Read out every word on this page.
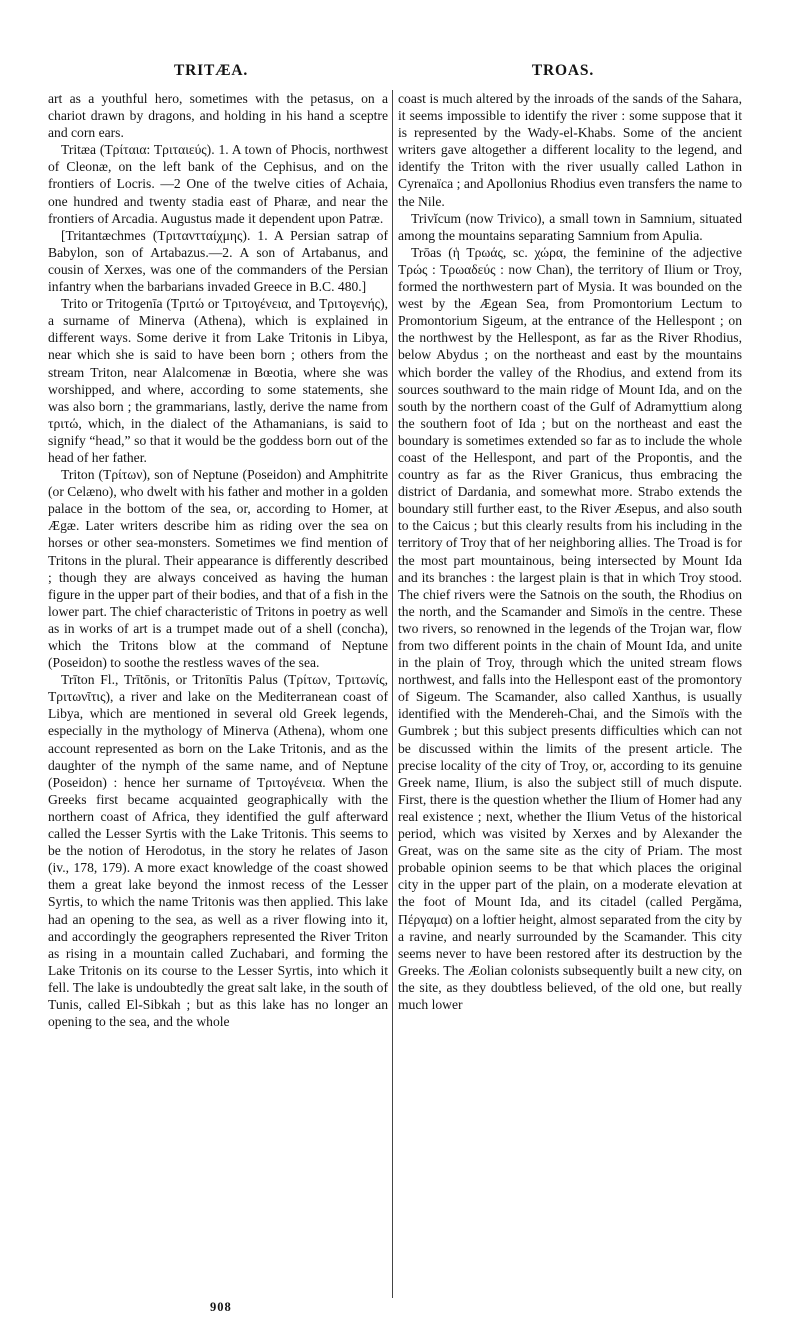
TRITÆA.	TROAS.

art as a youthful hero, sometimes with the petasus, on a chariot drawn by dragons, and holding in his hand a sceptre and corn ears.

Tritæa (Τρίταια: Τριταιεύς). 1. A town of Phocis, northwest of Cleonæ, on the left bank of the Cephisus, and on the frontiers of Locris. —2 One of the twelve cities of Achaia, one hundred and twenty stadia east of Pharæ, and near the frontiers of Arcadia. Augustus made it dependent upon Patræ.

[Tritantæchmes (Τριταντταίχμης). 1. A Persian satrap of Babylon, son of Artabazus.—2. A son of Artabanus, and cousin of Xerxes, was one of the commanders of the Persian infantry when the barbarians invaded Greece in B.C. 480.]

Trito or Tritogenīa (Τριτώ or Τριτογένεια, and Τριτογενής), a surname of Minerva (Athena), which is explained in different ways. Some derive it from Lake Tritonis in Libya, near which she is said to have been born ; others from the stream Triton, near Alalcomenæ in Bœotia, where she was worshipped, and where, according to some statements, she was also born ; the grammarians, lastly, derive the name from τριτώ, which, in the dialect of the Athamanians, is said to signify “head,” so that it would be the goddess born out of the head of her father.

Triton (Τρίτων), son of Neptune (Poseidon) and Amphitrite (or Celæno), who dwelt with his father and mother in a golden palace in the bottom of the sea, or, according to Homer, at Ægæ. Later writers describe him as riding over the sea on horses or other sea-monsters. Sometimes we find mention of Tritons in the plural. Their appearance is differently described ; though they are always conceived as having the human figure in the upper part of their bodies, and that of a fish in the lower part. The chief characteristic of Tritons in poetry as well as in works of art is a trumpet made out of a shell (concha), which the Tritons blow at the command of Neptune (Poseidon) to soothe the restless waves of the sea.

Trīton Fl., Trītōnis, or Tritonītis Palus (Τρίτων, Τριτωνίς, Τριτωνῖτις), a river and lake on the Mediterranean coast of Libya, which are mentioned in several old Greek legends, especially in the mythology of Minerva (Athena), whom one account represented as born on the Lake Tritonis, and as the daughter of the nymph of the same name, and of Neptune (Poseidon) : hence her surname of Τριτογένεια. When the Greeks first became acquainted geographically with the northern coast of Africa, they identified the gulf afterward called the Lesser Syrtis with the Lake Tritonis. This seems to be the notion of Herodotus, in the story he relates of Jason (iv., 178, 179). A more exact knowledge of the coast showed them a great lake beyond the inmost recess of the Lesser Syrtis, to which the name Tritonis was then applied. This lake had an opening to the sea, as well as a river flowing into it, and accordingly the geographers represented the River Triton as rising in a mountain called Zuchabari, and forming the Lake Tritonis on its course to the Lesser Syrtis, into which it fell. The lake is undoubtedly the great salt lake, in the south of Tunis, called El-Sibkah ; but as this lake has no longer an opening to the sea, and the whole

coast is much altered by the inroads of the sands of the Sahara, it seems impossible to identify the river : some suppose that it is represented by the Wady-el-Khabs. Some of the ancient writers gave altogether a different locality to the legend, and identify the Triton with the river usually called Lathon in Cyrenaïca ; and Apollonius Rhodius even transfers the name to the Nile.

Trivĭcum (now Trivico), a small town in Samnium, situated among the mountains separating Samnium from Apulia.

Trōas (ἡ Τρωάς, sc. χώρα, the feminine of the adjective Τρώς : Τρωαδεύς : now Chan), the territory of Ilium or Troy, formed the northwestern part of Mysia. It was bounded on the west by the Ægean Sea, from Promontorium Lectum to Promontorium Sigeum, at the entrance of the Hellespont ; on the northwest by the Hellespont, as far as the River Rhodius, below Abydus ; on the northeast and east by the mountains which border the valley of the Rhodius, and extend from its sources southward to the main ridge of Mount Ida, and on the south by the northern coast of the Gulf of Adramyttium along the southern foot of Ida ; but on the northeast and east the boundary is sometimes extended so far as to include the whole coast of the Hellespont, and part of the Propontis, and the country as far as the River Granicus, thus embracing the district of Dardania, and somewhat more. Strabo extends the boundary still further east, to the River Æsepus, and also south to the Caicus ; but this clearly results from his including in the territory of Troy that of her neighboring allies. The Troad is for the most part mountainous, being intersected by Mount Ida and its branches : the largest plain is that in which Troy stood. The chief rivers were the Satnois on the south, the Rhodius on the north, and the Scamander and Simoïs in the centre. These two rivers, so renowned in the legends of the Trojan war, flow from two different points in the chain of Mount Ida, and unite in the plain of Troy, through which the united stream flows northwest, and falls into the Hellespont east of the promontory of Sigeum. The Scamander, also called Xanthus, is usually identified with the Mendereh-Chai, and the Simoïs with the Gumbrek ; but this subject presents difficulties which can not be discussed within the limits of the present article. The precise locality of the city of Troy, or, according to its genuine Greek name, Ilium, is also the subject still of much dispute. First, there is the question whether the Ilium of Homer had any real existence ; next, whether the Ilium Vetus of the historical period, which was visited by Xerxes and by Alexander the Great, was on the same site as the city of Priam. The most probable opinion seems to be that which places the original city in the upper part of the plain, on a moderate elevation at the foot of Mount Ida, and its citadel (called Pergăma, Πέργαμα) on a loftier height, almost separated from the city by a ravine, and nearly surrounded by the Scamander. This city seems never to have been restored after its destruction by the Greeks. The Æolian colonists subsequently built a new city, on the site, as they doubtless believed, of the old one, but really much lower

908
